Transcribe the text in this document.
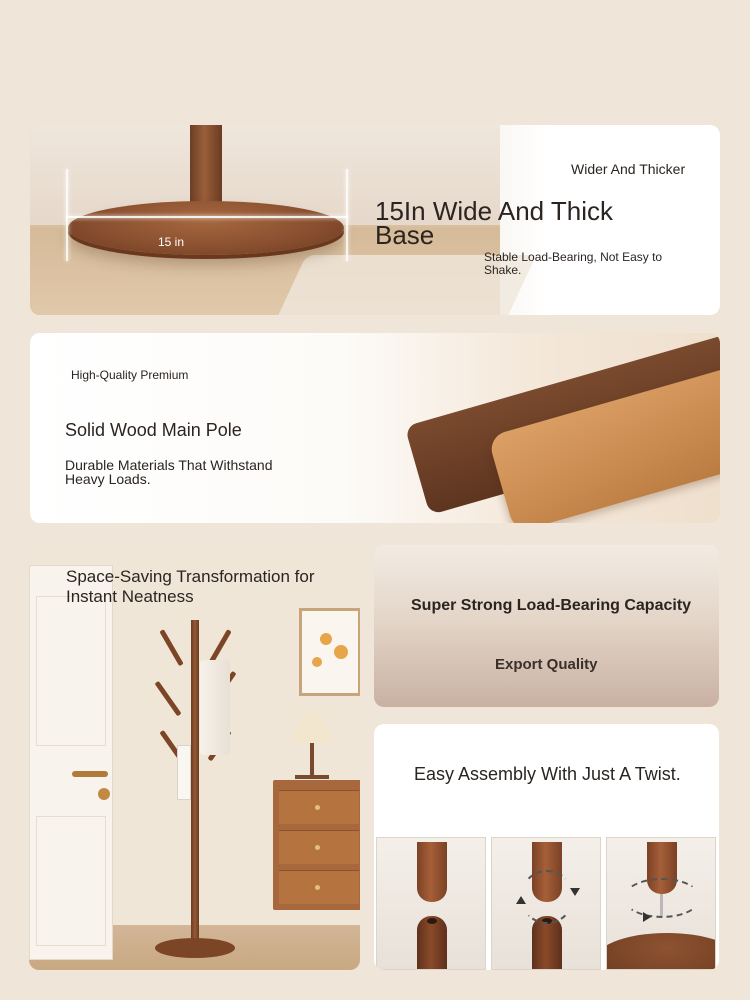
15 in
Wider And Thicker
15In Wide And Thick Base
Stable Load-Bearing, Not Easy to Shake.
High-Quality Premium
Solid Wood Main Pole
Durable Materials That Withstand Heavy Loads.
Space-Saving Transformation for Instant Neatness	Super Strong Load-Bearing Capacity
Export Quality
Easy Assembly With Just A Twist.
